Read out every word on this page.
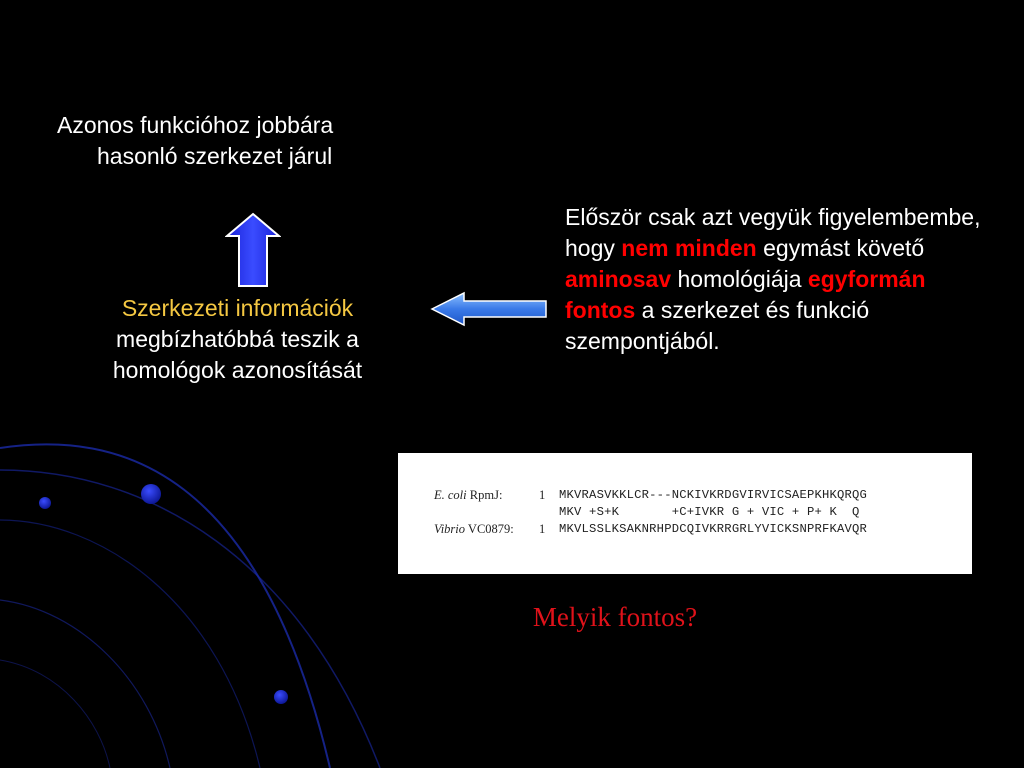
Azonos funkcióhoz jobbára
hasonló szerkezet járul
Szerkezeti információk
megbízhatóbbá teszik a
homológok azonosítását
Először csak azt vegyük figyelembembe, hogy nem minden egymást követő aminosav homológiája egyformán fontos a szerkezet és funkció szempontjából.
E. coli RpmJ:	1 MKVRASVKKLCR---NCKIVKRDGVIRVICSAEPKHKQRQG
MKV +S+K       +C+IVKR G + VIC + P+ K  Q
Vibrio VC0879: 1 MKVLSSLKSAKNRHPDCQIVKRRGRLYVICKSNPRFKAVQR
Melyik fontos?
